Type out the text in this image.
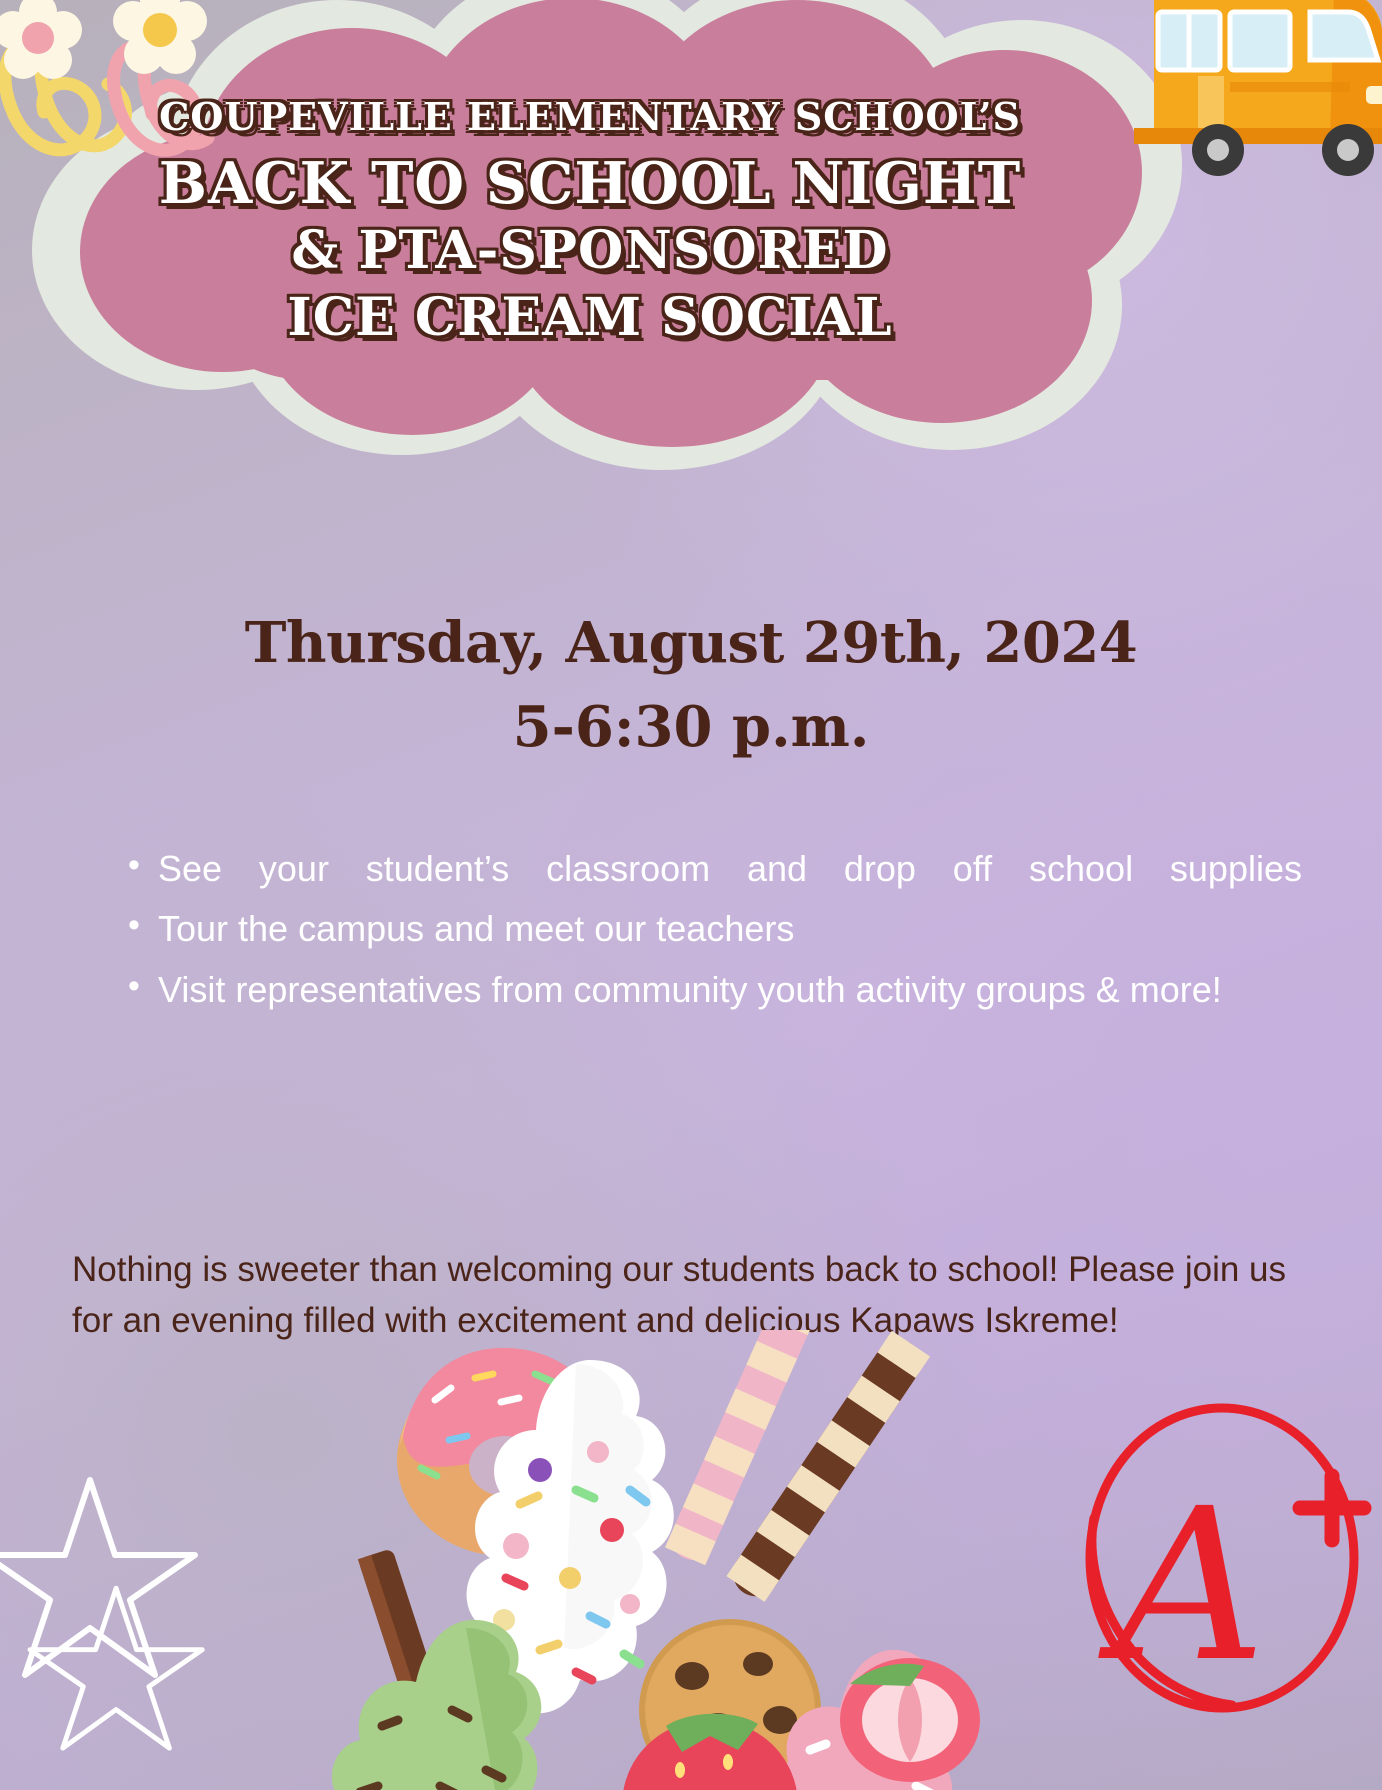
COUPEVILLE ELEMENTARY SCHOOL’S
BACK TO SCHOOL NIGHT
& PTA-SPONSORED
ICE CREAM SOCIAL
Thursday, August 29th, 2024
5-6:30 p.m.
• See your student’s classroom and drop off school supplies
• Tour the campus and meet our teachers
• Visit representatives from community youth activity groups & more!
Nothing is sweeter than welcoming our students back to school! Please join us for an evening filled with excitement and delicious Kapaws Iskreme!
A
